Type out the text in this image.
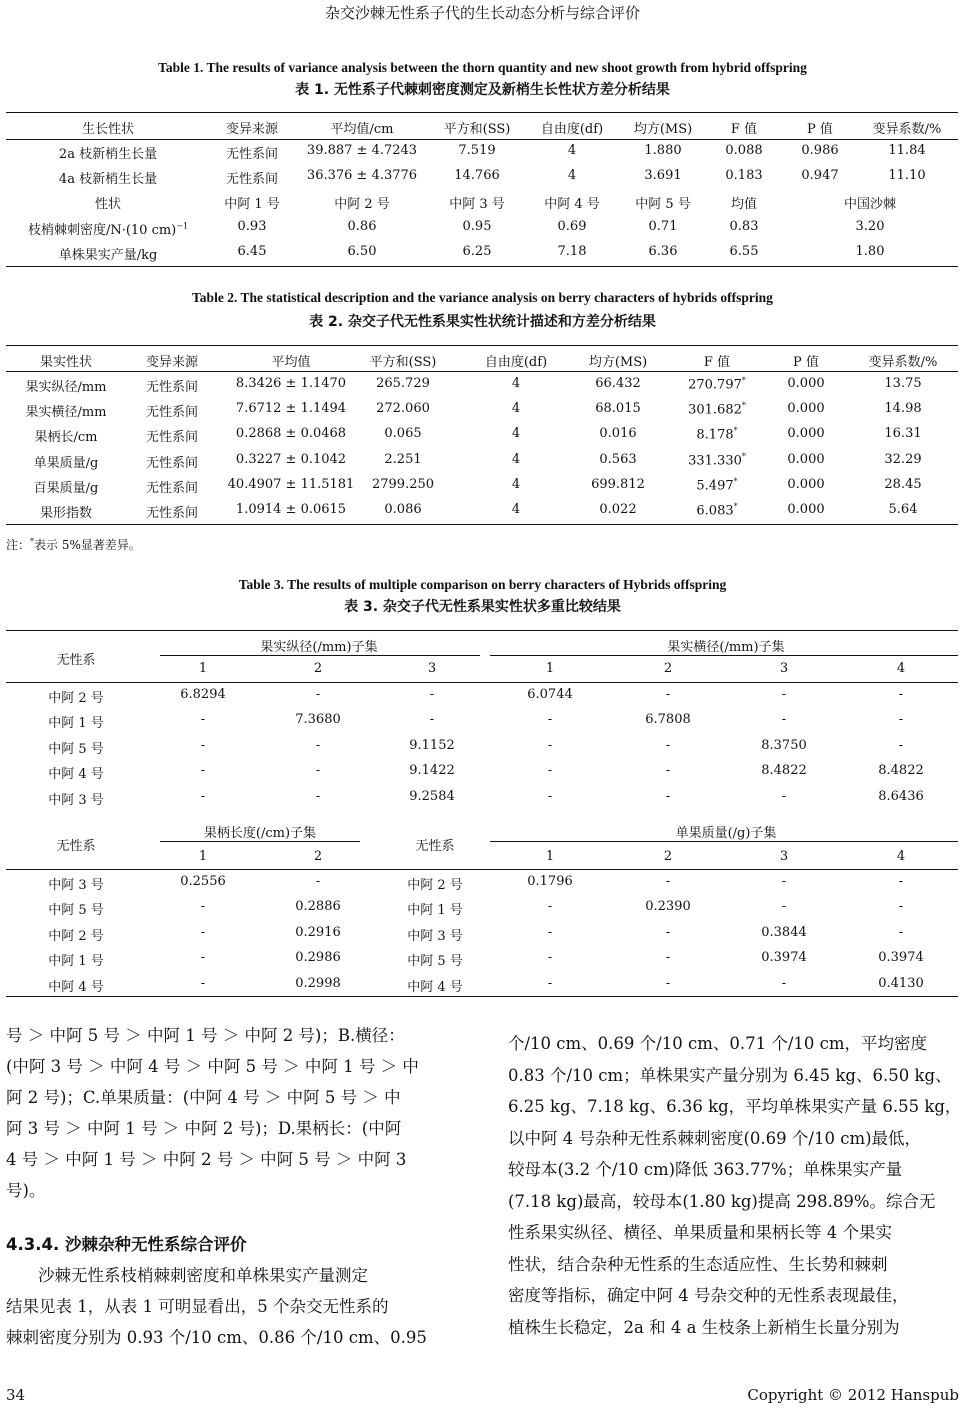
杂交沙棘无性系子代的生长动态分析与综合评价
Table 1. The results of variance analysis between the thorn quantity and new shoot growth from hybrid offspring
表 1. 无性系子代棘刺密度测定及新梢生长性状方差分析结果
生长性状	变异来源	平均值/cm	平方和(SS)	自由度(df)	均方(MS)	F 值	P 值	变异系数/%
2a 枝新梢生长量	无性系间	39.887 ± 4.7243	7.519	4	1.880	0.088	0.986	11.84
4a 枝新梢生长量	无性系间	36.376 ± 4.3776	14.766	4	3.691	0.183	0.947	11.10
性状	中阿 1 号	中阿 2 号	中阿 3 号	中阿 4 号	中阿 5 号	均值	中国沙棘
枝梢棘刺密度/N·(10 cm)$^{-1}$	0.93	0.86	0.95	0.69	0.71	0.83	3.20
单株果实产量/kg	6.45	6.50	6.25	7.18	6.36	6.55	1.80
Table 2. The statistical description and the variance analysis on berry characters of hybrids offspring
表 2. 杂交子代无性系果实性状统计描述和方差分析结果
果实性状	变异来源	平均值	平方和(SS)	自由度(df)	均方(MS)	F 值	P 值	变异系数/%
果实纵径/mm	无性系间	8.3426 ± 1.1470	265.729	4	66.432	270.797*	0.000	13.75
果实横径/mm	无性系间	7.6712 ± 1.1494	272.060	4	68.015	301.682*	0.000	14.98
果柄长/cm	无性系间	0.2868 ± 0.0468	0.065	4	0.016	8.178*	0.000	16.31
单果质量/g	无性系间	0.3227 ± 0.1042	2.251	4	0.563	331.330*	0.000	32.29
百果质量/g	无性系间	40.4907 ± 11.5181	2799.250	4	699.812	5.497*	0.000	28.45
果形指数	无性系间	1.0914 ± 0.0615	0.086	4	0.022	6.083*	0.000	5.64
注：*表示 5%显著差异。
Table 3. The results of multiple comparison on berry characters of Hybrids offspring
表 3. 杂交子代无性系果实性状多重比较结果
无性系
果实纵径(/mm)子集	果实横径(/mm)子集
1	2	3	1	2	3	4
中阿 2 号	6.8294	-	-	6.0744	-	-	-
中阿 1 号	-	7.3680	-	-	6.7808	-	-
中阿 5 号	-	-	9.1152	-	-	8.3750	-
中阿 4 号	-	-	9.1422	-	-	8.4822	8.4822
中阿 3 号	-	-	9.2584	-	-	-	8.6436
无性系
果柄长度(/cm)子集
无性系
单果质量(/g)子集
1	2	1	2	3	4
中阿 3 号	0.2556	-	中阿 2 号	0.1796	-	-	-
中阿 5 号	-	0.2886	中阿 1 号	-	0.2390	-	-
中阿 2 号	-	0.2916	中阿 3 号	-	-	0.3844	-
中阿 1 号	-	0.2986	中阿 5 号	-	-	0.3974	0.3974
中阿 4 号	-	0.2998	中阿 4 号	-	-	-	0.4130
号 ＞ 中阿 5 号 ＞ 中阿 1 号 ＞ 中阿 2 号)；B.横径：
(中阿 3 号 ＞ 中阿 4 号 ＞ 中阿 5 号 ＞ 中阿 1 号 ＞ 中
阿 2 号)；C.单果质量：(中阿 4 号 ＞ 中阿 5 号 ＞ 中
阿 3 号 ＞ 中阿 1 号 ＞ 中阿 2 号)；D.果柄长：(中阿
4 号 ＞ 中阿 1 号 ＞ 中阿 2 号 ＞ 中阿 5 号 ＞ 中阿 3
号)。
4.3.4. 沙棘杂种无性系综合评价
沙棘无性系枝梢棘刺密度和单株果实产量测定
结果见表 1，从表 1 可明显看出，5 个杂交无性系的
棘刺密度分别为 0.93 个/10 cm、0.86 个/10 cm、0.95
个/10 cm、0.69 个/10 cm、0.71 个/10 cm，平均密度
0.83 个/10 cm；单株果实产量分别为 6.45 kg、6.50 kg、
6.25 kg、7.18 kg、6.36 kg，平均单株果实产量 6.55 kg，
以中阿 4 号杂种无性系棘刺密度(0.69 个/10 cm)最低，
较母本(3.2 个/10 cm)降低 363.77%；单株果实产量
(7.18 kg)最高，较母本(1.80 kg)提高 298.89%。综合无
性系果实纵径、横径、单果质量和果柄长等 4 个果实
性状，结合杂种无性系的生态适应性、生长势和棘刺
密度等指标，确定中阿 4 号杂交种的无性系表现最佳，
植株生长稳定，2a 和 4 a 生枝条上新梢生长量分别为
34	Copyright © 2012 Hanspub
